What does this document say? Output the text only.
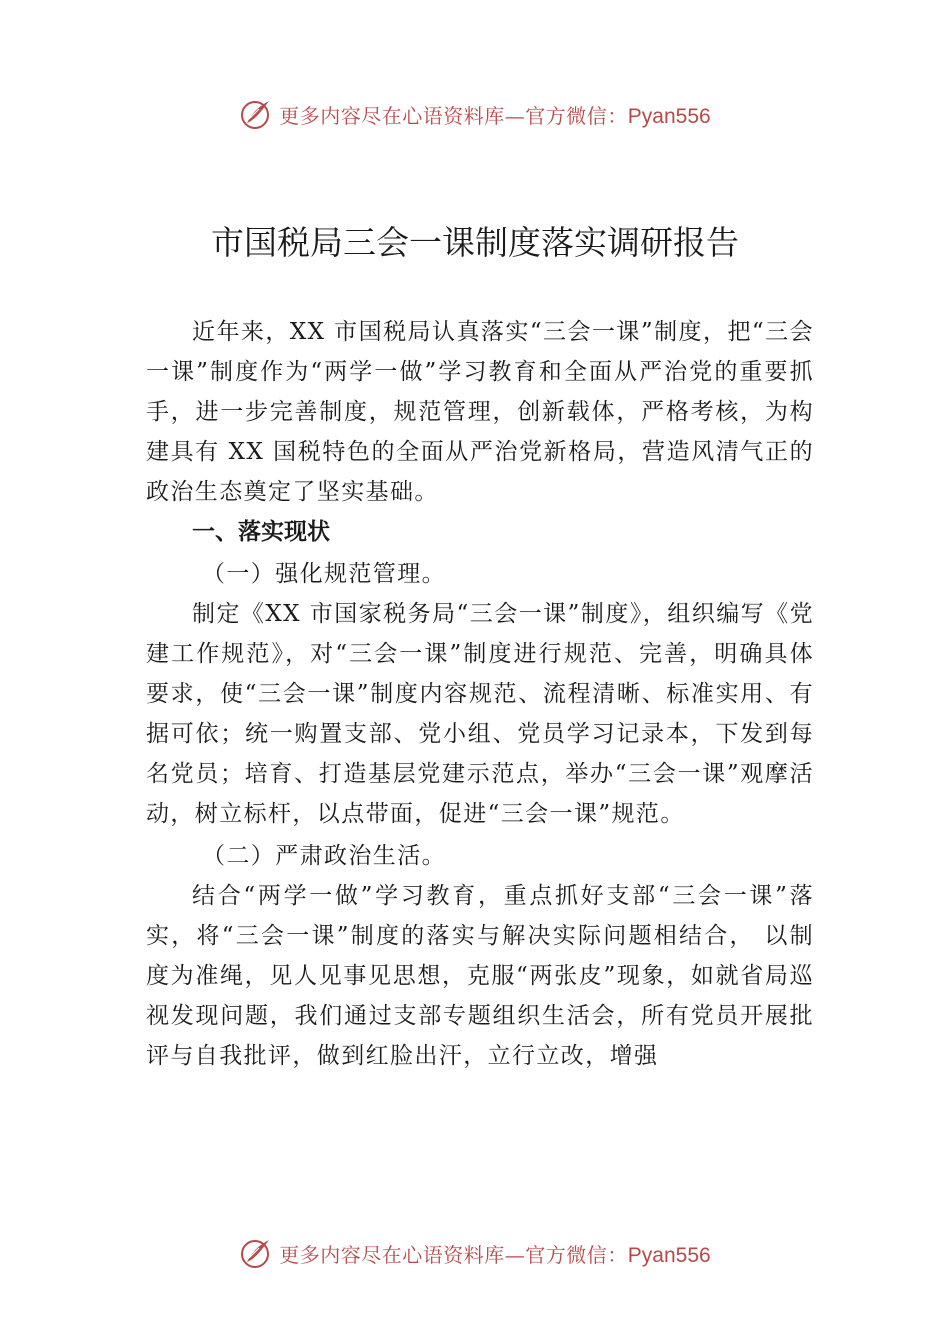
更多内容尽在心语资料库—官方微信：Pyan556
市国税局三会一课制度落实调研报告

近年来，XX 市国税局认真落实“三会一课”制度，把“三会一课”制度作为“两学一做”学习教育和全面从严治党的重要抓手，进一步完善制度，规范管理，创新载体，严格考核，为构建具有 XX 国税特色的全面从严治党新格局，营造风清气正的政治生态奠定了坚实基础。

一、落实现状

（一）强化规范管理。

制定《XX 市国家税务局“三会一课”制度》，组织编写《党建工作规范》，对“三会一课”制度进行规范、完善，明确具体要求，使“三会一课”制度内容规范、流程清晰、标准实用、有据可依；统一购置支部、党小组、党员学习记录本，下发到每名党员；培育、打造基层党建示范点，举办“三会一课”观摩活动，树立标杆，以点带面，促进“三会一课”规范。

（二）严肃政治生活。

结合“两学一做”学习教育，重点抓好支部“三会一课”落实，将“三会一课”制度的落实与解决实际问题相结合， 以制度为准绳，见人见事见思想，克服“两张皮”现象，如就省局巡视发现问题，我们通过支部专题组织生活会，所有党员开展批评与自我批评，做到红脸出汗，立行立改，增强

更多内容尽在心语资料库—官方微信：Pyan556
